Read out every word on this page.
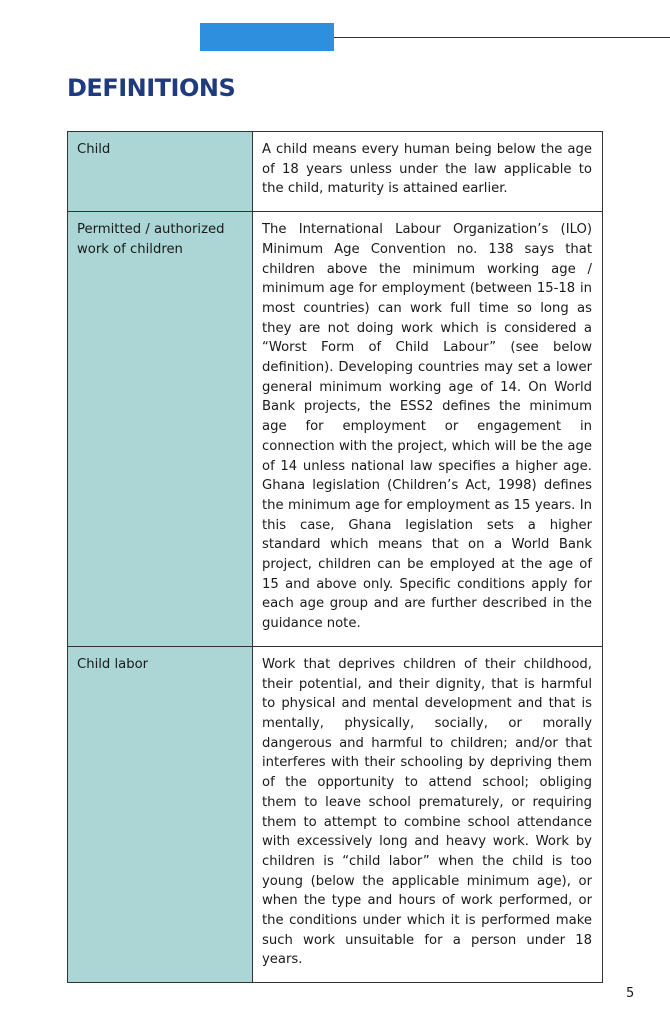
DEFINITIONS
Child	A child means every human being below the age of 18 years unless under the law applicable to the child, maturity is attained earlier.
Permitted / authorized work of children	The International Labour Organization’s (ILO) Minimum Age Convention no. 138 says that children above the minimum working age / minimum age for employment (between 15-18 in most countries) can work full time so long as they are not doing work which is considered a “Worst Form of Child Labour” (see below definition). Developing countries may set a lower general minimum working age of 14. On World Bank projects, the ESS2 defines the minimum age for employment or engagement in connection with the project, which will be the age of 14 unless national law specifies a higher age. Ghana legislation (Children’s Act, 1998) defines the minimum age for employment as 15 years. In this case, Ghana legislation sets a higher standard which means that on a World Bank project, children can be employed at the age of 15 and above only. Specific conditions apply for each age group and are further described in the guidance note.
Child labor	Work that deprives children of their childhood, their potential, and their dignity, that is harmful to physical and mental development and that is mentally, physically, socially, or morally dangerous and harmful to children; and/or that interferes with their schooling by depriving them of the opportunity to attend school; obliging them to leave school prematurely, or requiring them to attempt to combine school attendance with excessively long and heavy work. Work by children is “child labor” when the child is too young (below the applicable minimum age), or when the type and hours of work performed, or the conditions under which it is performed make such work unsuitable for a person under 18 years.
5
